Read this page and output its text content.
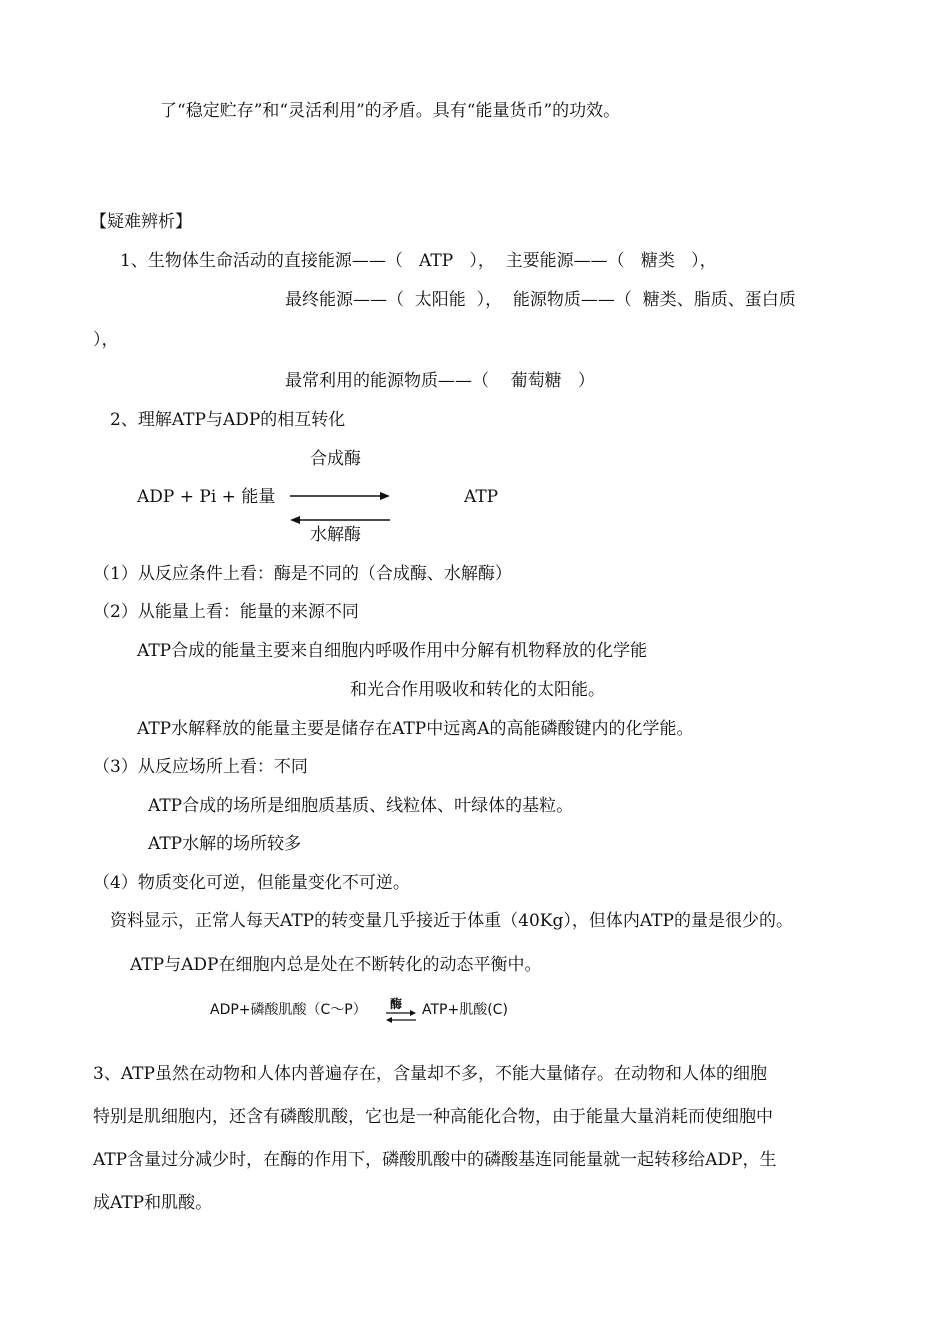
了“稳定贮存”和“灵活利用”的矛盾。具有“能量货币”的功效。
【疑难辨析】
1、生物体生命活动的直接能源——（   ATP   ），  主要能源——（   糖类   ），
最终能源——（  太阳能  ），  能源物质——（  糖类、脂质、蛋白质
），
最常利用的能源物质——（    葡萄糖   ）
2、理解ATP与ADP的相互转化
合成酶
ADP + Pi + 能量	ATP
水解酶
（1）从反应条件上看：酶是不同的（合成酶、水解酶）
（2）从能量上看：能量的来源不同
ATP合成的能量主要来自细胞内呼吸作用中分解有机物释放的化学能
和光合作用吸收和转化的太阳能。
ATP水解释放的能量主要是储存在ATP中远离A的高能磷酸键内的化学能。
（3）从反应场所上看：不同
ATP合成的场所是细胞质基质、线粒体、叶绿体的基粒。
ATP水解的场所较多
（4）物质变化可逆，但能量变化不可逆。
资料显示，正常人每天ATP的转变量几乎接近于体重（40Kg），但体内ATP的量是很少的。
ATP与ADP在细胞内总是处在不断转化的动态平衡中。
ADP+磷酸肌酸（C～P） 酶 ATP+肌酸(C)
3、ATP虽然在动物和人体内普遍存在，含量却不多，不能大量储存。在动物和人体的细胞
特别是肌细胞内，还含有磷酸肌酸，它也是一种高能化合物，由于能量大量消耗而使细胞中
ATP含量过分减少时，在酶的作用下，磷酸肌酸中的磷酸基连同能量就一起转移给ADP，生
成ATP和肌酸。
